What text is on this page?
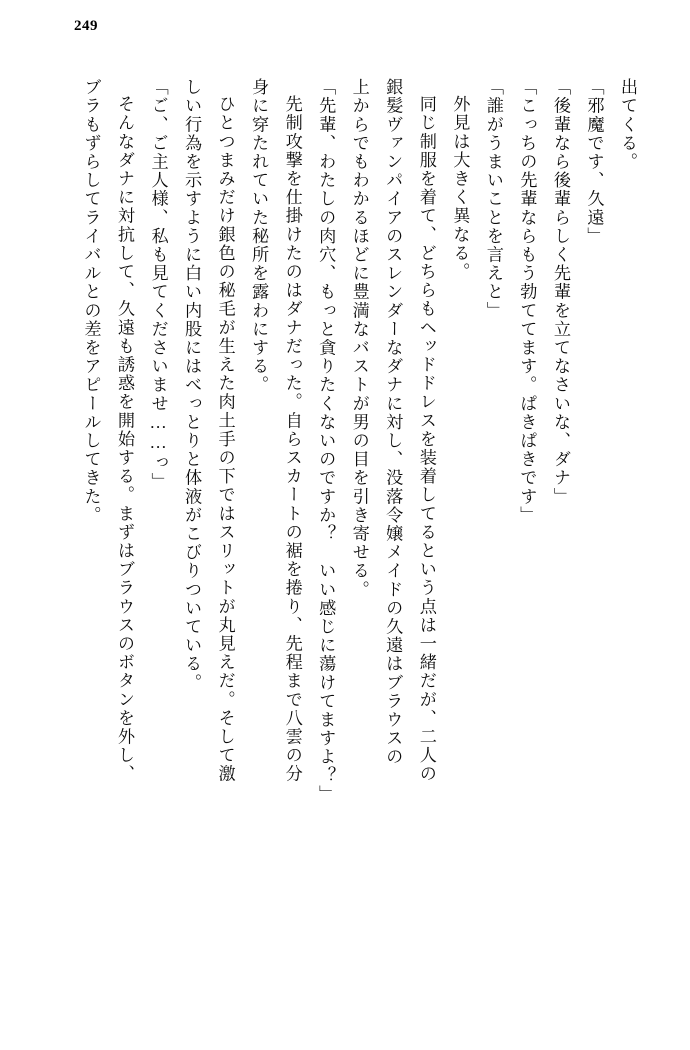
249
出てくる。
「邪魔です、久遠」
「後輩なら後輩らしく先輩を立てなさいな、ダナ」
「こっちの先輩ならもう勃ててます。ぱきぱきです」
「誰がうまいことを言えと」
外見は大きく異なる。
同じ制服を着て、どちらもヘッドドレスを装着してるという点は一緒だが、二人の
銀髪ヴァンパイアのスレンダーなダナに対し、没落令嬢メイドの久遠はブラウスの
上からでもわかるほどに豊満なバストが男の目を引き寄せる。
「先輩、わたしの肉穴、もっと貪りたくないのですか？　いい感じに蕩けてますよ？」
先制攻撃を仕掛けたのはダナだった。自らスカートの裾を捲り、先程まで八雲の分
身に穿たれていた秘所を露わにする。
ひとつまみだけ銀色の秘毛が生えた肉土手の下ではスリットが丸見えだ。そして激
しい行為を示すように白い内股にはべっとりと体液がこびりついている。
「ご、ご主人様、私も見てくださいませ……っ」
そんなダナに対抗して、久遠も誘惑を開始する。まずはブラウスのボタンを外し、
ブラもずらしてライバルとの差をアピールしてきた。
